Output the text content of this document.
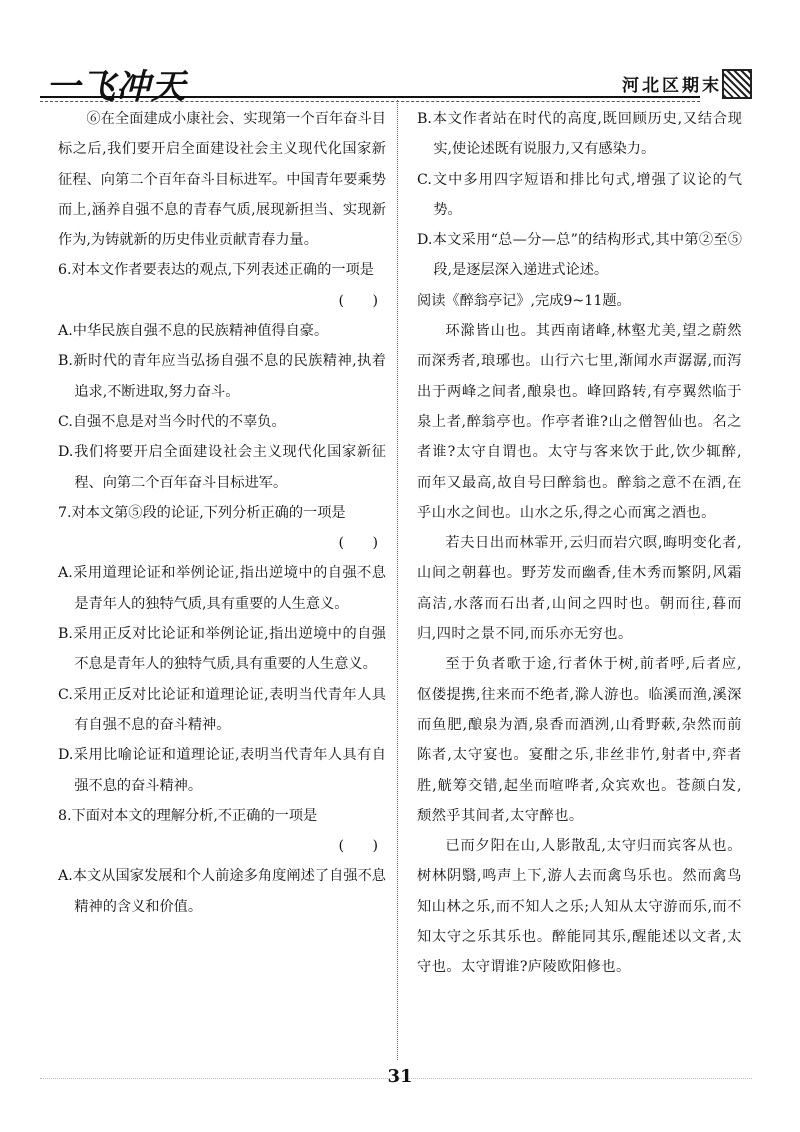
一飞冲天	河北区期末

⑥在全面建成小康社会、实现第一个百年奋斗目标之后,我们要开启全面建设社会主义现代化国家新征程、向第二个百年奋斗目标进军。中国青年要乘势而上,涵养自强不息的青春气质,展现新担当、实现新作为,为铸就新的历史伟业贡献青春力量。

6.对本文作者要表达的观点,下列表述正确的一项是

(　　)

A.中华民族自强不息的民族精神值得自豪。

B.新时代的青年应当弘扬自强不息的民族精神,执着追求,不断进取,努力奋斗。

C.自强不息是对当今时代的不辜负。

D.我们将要开启全面建设社会主义现代化国家新征程、向第二个百年奋斗目标进军。

7.对本文第⑤段的论证,下列分析正确的一项是

(　　)

A.采用道理论证和举例论证,指出逆境中的自强不息是青年人的独特气质,具有重要的人生意义。

B.采用正反对比论证和举例论证,指出逆境中的自强不息是青年人的独特气质,具有重要的人生意义。

C.采用正反对比论证和道理论证,表明当代青年人具有自强不息的奋斗精神。

D.采用比喻论证和道理论证,表明当代青年人具有自强不息的奋斗精神。

8.下面对本文的理解分析,不正确的一项是

(　　)

A.本文从国家发展和个人前途多角度阐述了自强不息精神的含义和价值。

B.本文作者站在时代的高度,既回顾历史,又结合现实,使论述既有说服力,又有感染力。

C.文中多用四字短语和排比句式,增强了议论的气势。

D.本文采用“总—分—总”的结构形式,其中第②至⑤段,是逐层深入递进式论述。

阅读《醉翁亭记》,完成9~11题。

环滁皆山也。其西南诸峰,林壑尤美,望之蔚然而深秀者,琅琊也。山行六七里,渐闻水声潺潺,而泻出于两峰之间者,酿泉也。峰回路转,有亭翼然临于泉上者,醉翁亭也。作亭者谁?山之僧智仙也。名之者谁?太守自谓也。太守与客来饮于此,饮少辄醉,而年又最高,故自号曰醉翁也。醉翁之意不在酒,在乎山水之间也。山水之乐,得之心而寓之酒也。

若夫日出而林霏开,云归而岩穴暝,晦明变化者,山间之朝暮也。野芳发而幽香,佳木秀而繁阴,风霜高洁,水落而石出者,山间之四时也。朝而往,暮而归,四时之景不同,而乐亦无穷也。

至于负者歌于途,行者休于树,前者呼,后者应,伛偻提携,往来而不绝者,滁人游也。临溪而渔,溪深而鱼肥,酿泉为酒,泉香而酒洌,山肴野蔌,杂然而前陈者,太守宴也。宴酣之乐,非丝非竹,射者中,弈者胜,觥筹交错,起坐而喧哗者,众宾欢也。苍颜白发,颓然乎其间者,太守醉也。

已而夕阳在山,人影散乱,太守归而宾客从也。树林阴翳,鸣声上下,游人去而禽鸟乐也。然而禽鸟知山林之乐,而不知人之乐;人知从太守游而乐,而不知太守之乐其乐也。醉能同其乐,醒能述以文者,太守也。太守谓谁?庐陵欧阳修也。

31
